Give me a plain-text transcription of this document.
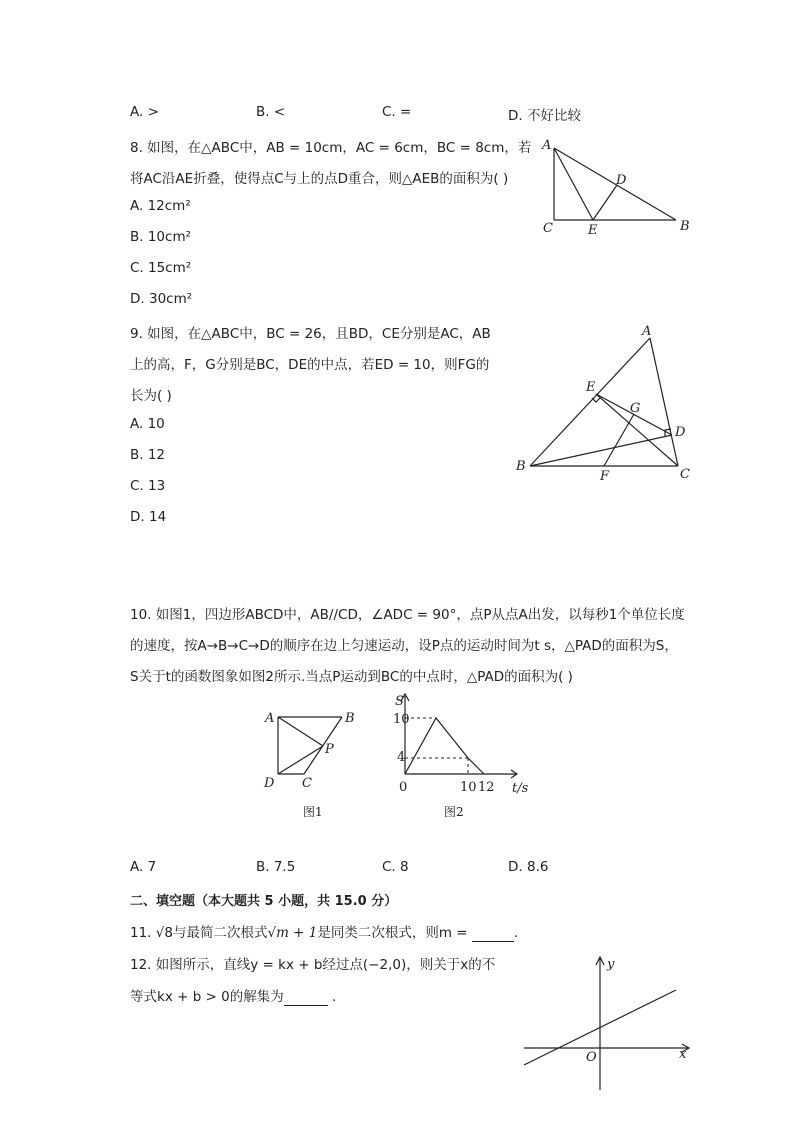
A. >	B. <	C. =	D. 不好比较
8. 如图，在△ABC中，AB = 10cm，AC = 6cm，BC = 8cm，若
将AC沿AE折叠，使得点C与上的点D重合，则△AEB的面积为( )
A. 12cm²
B. 10cm²
C. 15cm²
D. 30cm²
A
C	E	B
D
9. 如图，在△ABC中，BC = 26，且BD，CE分别是AC，AB
上的高，F，G分别是BC，DE的中点，若ED = 10，则FG的
长为( )
A. 10
B. 12
C. 13
D. 14
A
B
C
D
E
F
G
10. 如图1，四边形ABCD中，AB//CD，∠ADC = 90°，点P从点A出发，以每秒1个单位长度
的速度，按A→B→C→D的顺序在边上匀速运动，设P点的运动时间为t s，△PAD的面积为S，
S关于t的函数图象如图2所示.当点P运动到BC的中点时，△PAD的面积为( )
A	B
C
D
P
图1
S
10
4
0	10 12 t/s
图2
A. 7	B. 7.5	C. 8	D. 8.6
二、填空题（本大题共 5 小题，共 15.0 分）
11. √8与最简二次根式√m + 1是同类二次根式，则m =	.
12. 如图所示，直线y = kx + b经过点(−2,0)，则关于x的不
等式kx + b > 0的解集为	.
y
x
O
